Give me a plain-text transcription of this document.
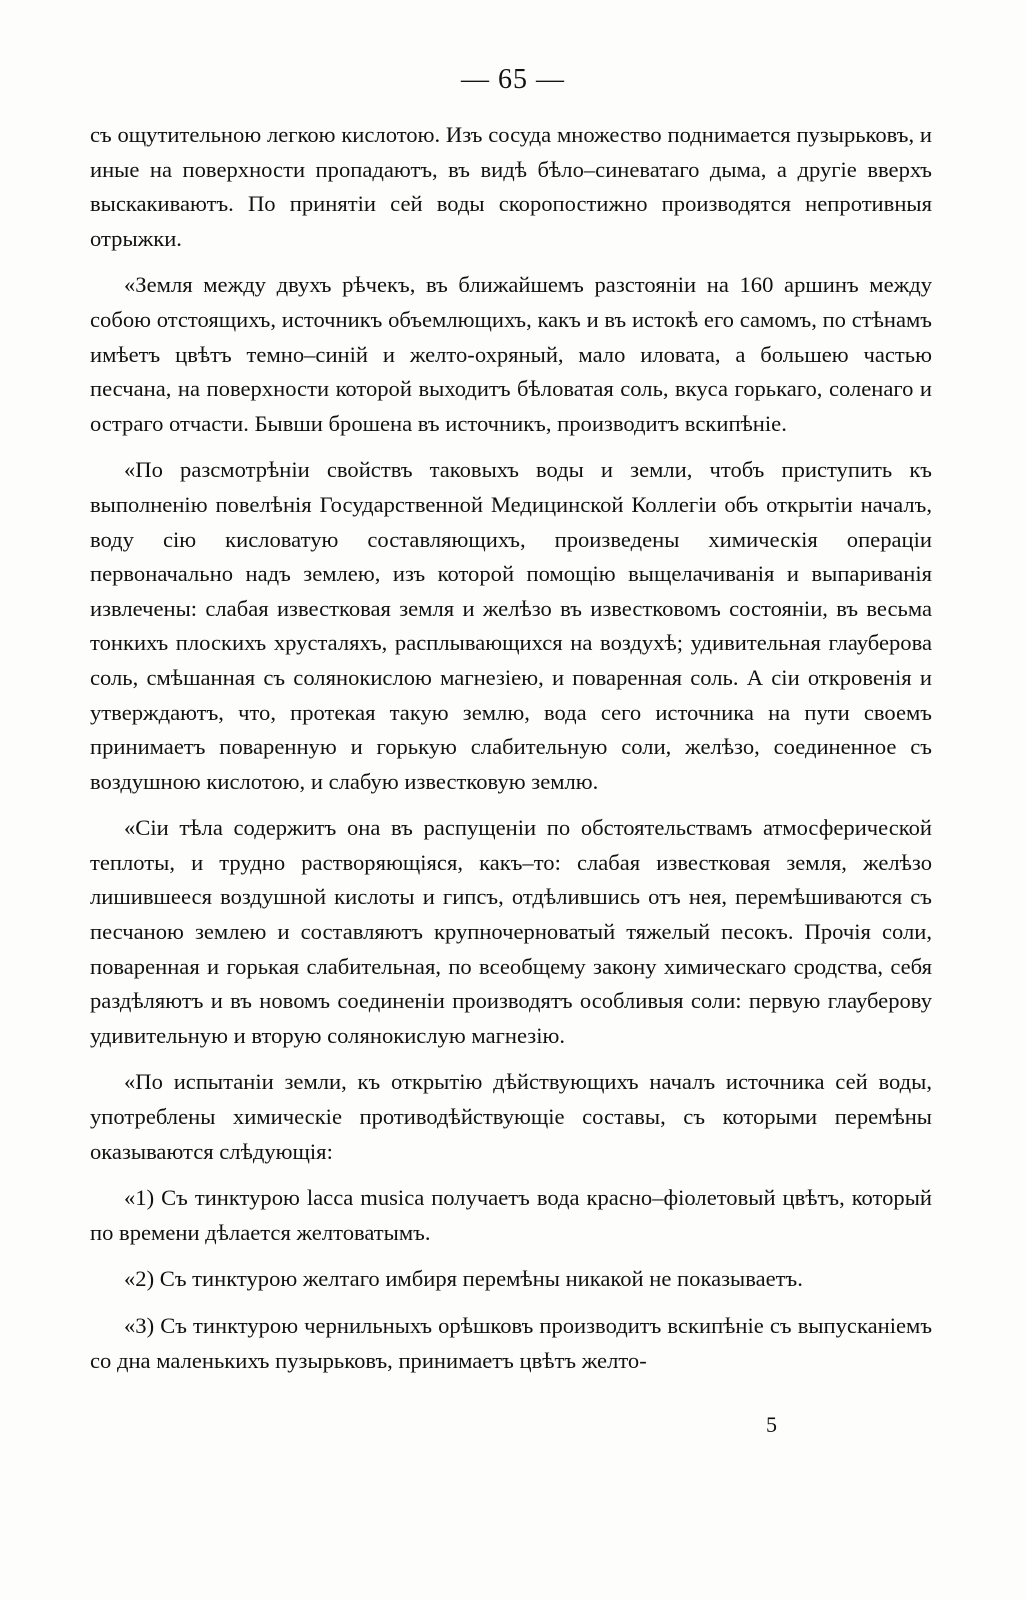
— 65 —

съ ощутительною легкою кислотою. Изъ сосуда множество поднимается пузырьковъ, и иные на поверхности пропадаютъ, въ видѣ бѣло–синеватаго дыма, а другіе вверхъ выскакиваютъ. По принятіи сей воды скоропостижно производятся непротивныя отрыжки.

«Земля между двухъ рѣчекъ, въ ближайшемъ разстояніи на 160 аршинъ между собою отстоящихъ, источникъ объемлющихъ, какъ и въ истокѣ его самомъ, по стѣнамъ имѣетъ цвѣтъ темно–синій и желто-охряный, мало иловата, а большею частью песчана, на поверхности которой выходитъ бѣловатая соль, вкуса горькаго, соленаго и остраго отчасти. Бывши брошена въ источникъ, производитъ вскипѣніе.

«По разсмотрѣніи свойствъ таковыхъ воды и земли, чтобъ приступить къ выполненію повелѣнія Государственной Медицинской Коллегіи объ открытіи началъ, воду сію кисловатую составляющихъ, произведены химическія операціи первоначально надъ землею, изъ которой помощію выщелачиванія и выпариванія извлечены: слабая известковая земля и желѣзо въ известковомъ состояніи, въ весьма тонкихъ плоскихъ хрусталяхъ, расплывающихся на воздухѣ; удивительная глауберова соль, смѣшанная съ солянокислою магнезіею, и поваренная соль. А сіи откровенія и утверждаютъ, что, протекая такую землю, вода сего источника на пути своемъ принимаетъ поваренную и горькую слабительную соли, желѣзо, соединенное съ воздушною кислотою, и слабую известковую землю.

«Сіи тѣла содержитъ она въ распущеніи по обстоятельствамъ атмосферической теплоты, и трудно растворяющіяся, какъ–то: слабая известковая земля, желѣзо лишившееся воздушной кислоты и гипсъ, отдѣлившись отъ нея, перемѣшиваются съ песчаною землею и составляютъ крупночерноватый тяжелый песокъ. Прочія соли, поваренная и горькая слабительная, по всеобщему закону химическаго сродства, себя раздѣляютъ и въ новомъ соединеніи производятъ особливыя соли: первую глауберову удивительную и вторую солянокислую магнезію.

«По испытаніи земли, къ открытію дѣйствующихъ началъ источника сей воды, употреблены химическіе противодѣйствующіе составы, съ которыми перемѣны оказываются слѣдующія:

«1) Съ тинктурою lacca musica получаетъ вода красно–фіолетовый цвѣтъ, который по времени дѣлается желтоватымъ.

«2) Съ тинктурою желтаго имбиря перемѣны никакой не показываетъ.

«3) Съ тинктурою чернильныхъ орѣшковъ производитъ вскипѣніе съ выпусканіемъ со дна маленькихъ пузырьковъ, принимаетъ цвѣтъ желто-

5
